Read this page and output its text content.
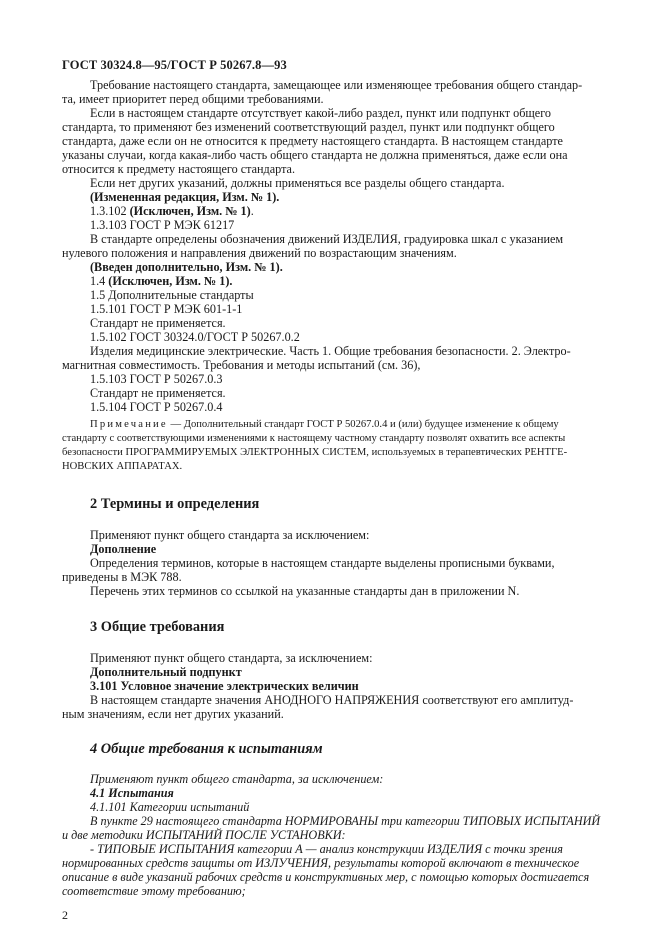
ГОСТ 30324.8—95/ГОСТ Р 50267.8—93
Требование настоящего стандарта, замещающее или изменяющее требования общего стандар-
та, имеет приоритет перед общими требованиями.
Если в настоящем стандарте отсутствует какой-либо раздел, пункт или подпункт общего
стандарта, то применяют без изменений соответствующий раздел, пункт или подпункт общего
стандарта, даже если он не относится к предмету настоящего стандарта. В настоящем стандарте
указаны случаи, когда какая-либо часть общего стандарта не должна применяться, даже если она
относится к предмету настоящего стандарта.
Если нет других указаний, должны применяться все разделы общего стандарта.
(Измененная редакция, Изм. № 1).
1.3.102 (Исключен, Изм. № 1).
1.3.103 ГОСТ Р МЭК 61217
В стандарте определены обозначения движений ИЗДЕЛИЯ, градуировка шкал с указанием
нулевого положения и направления движений по возрастающим значениям.
(Введен дополнительно, Изм. № 1).
1.4 (Исключен, Изм. № 1).
1.5 Дополнительные стандарты
1.5.101 ГОСТ Р МЭК 601-1-1
Стандарт не применяется.
1.5.102 ГОСТ 30324.0/ГОСТ Р 50267.0.2
Изделия медицинские электрические. Часть 1. Общие требования безопасности. 2. Электро-
магнитная совместимость. Требования и методы испытаний (см. 36),
1.5.103 ГОСТ Р 50267.0.3
Стандарт не применяется.
1.5.104 ГОСТ Р 50267.0.4
Примечание — Дополнительный стандарт ГОСТ Р 50267.0.4 и (или) будущее изменение к общему
стандарту с соответствующими изменениями к настоящему частному стандарту позволят охватить все аспекты
безопасности ПРОГРАММИРУЕМЫХ ЭЛЕКТРОННЫХ СИСТЕМ, используемых в терапевтических РЕНТГЕ-
НОВСКИХ АППАРАТАХ.
2 Термины и определения
Применяют пункт общего стандарта за исключением:
Дополнение
Определения терминов, которые в настоящем стандарте выделены прописными буквами,
приведены в МЭК 788.
Перечень этих терминов со ссылкой на указанные стандарты дан в приложении N.
3 Общие требования
Применяют пункт общего стандарта, за исключением:
Дополнительный подпункт
3.101 Условное значение электрических величин
В настоящем стандарте значения АНОДНОГО НАПРЯЖЕНИЯ соответствуют его амплитуд-
ным значениям, если нет других указаний.
4 Общие требования к испытаниям
Применяют пункт общего стандарта, за исключением:
4.1 Испытания
4.1.101 Категории испытаний
В пункте 29 настоящего стандарта НОРМИРОВАНЫ три категории ТИПОВЫХ ИСПЫТАНИЙ
и две методики ИСПЫТАНИЙ ПОСЛЕ УСТАНОВКИ:
- ТИПОВЫЕ ИСПЫТАНИЯ категории А — анализ конструкции ИЗДЕЛИЯ с точки зрения
нормированных средств защиты от ИЗЛУЧЕНИЯ, результаты которой включают в техническое
описание в виде указаний рабочих средств и конструктивных мер, с помощью которых достигается
соответствие этому требованию;
2
